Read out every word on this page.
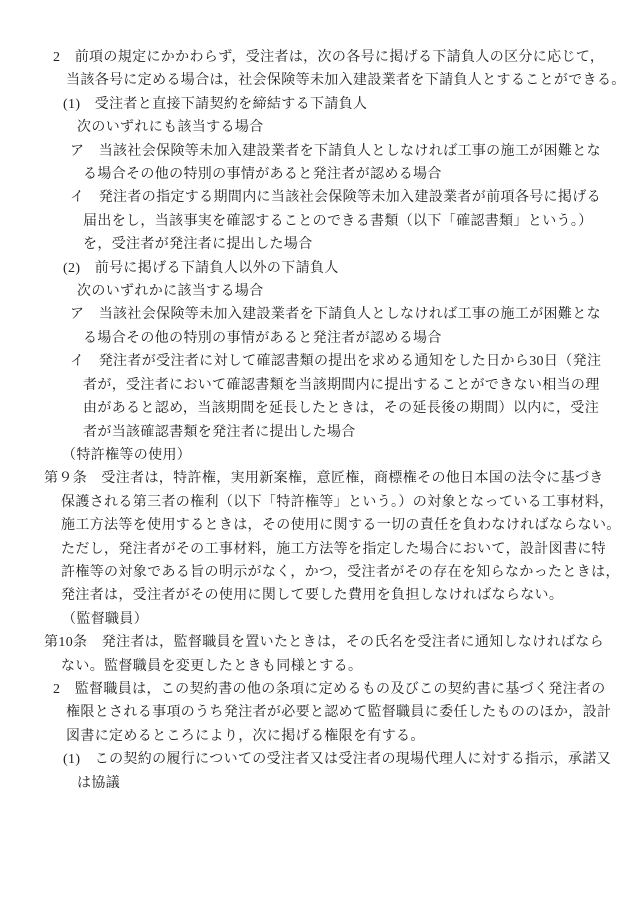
2　前項の規定にかかわらず，受注者は，次の各号に掲げる下請負人の区分に応じて，
当該各号に定める場合は，社会保険等未加入建設業者を下請負人とすることができる。
(1)　受注者と直接下請契約を締結する下請負人
次のいずれにも該当する場合
ア　当該社会保険等未加入建設業者を下請負人としなければ工事の施工が困難とな
る場合その他の特別の事情があると発注者が認める場合
イ　発注者の指定する期間内に当該社会保険等未加入建設業者が前項各号に掲げる
届出をし，当該事実を確認することのできる書類（以下「確認書類」という。）
を，受注者が発注者に提出した場合
(2)　前号に掲げる下請負人以外の下請負人
次のいずれかに該当する場合
ア　当該社会保険等未加入建設業者を下請負人としなければ工事の施工が困難とな
る場合その他の特別の事情があると発注者が認める場合
イ　発注者が受注者に対して確認書類の提出を求める通知をした日から30日（発注
者が，受注者において確認書類を当該期間内に提出することができない相当の理
由があると認め，当該期間を延長したときは，その延長後の期間）以内に，受注
者が当該確認書類を発注者に提出した場合
（特許権等の使用）
第９条　受注者は，特許権，実用新案権，意匠権，商標権その他日本国の法令に基づき
保護される第三者の権利（以下「特許権等」という。）の対象となっている工事材料，
施工方法等を使用するときは，その使用に関する一切の責任を負わなければならない。
ただし，発注者がその工事材料，施工方法等を指定した場合において，設計図書に特
許権等の対象である旨の明示がなく，かつ，受注者がその存在を知らなかったときは，
発注者は，受注者がその使用に関して要した費用を負担しなければならない。
（監督職員）
第10条　発注者は，監督職員を置いたときは，その氏名を受注者に通知しなければなら
ない。監督職員を変更したときも同様とする。
2　監督職員は，この契約書の他の条項に定めるもの及びこの契約書に基づく発注者の
権限とされる事項のうち発注者が必要と認めて監督職員に委任したもののほか，設計
図書に定めるところにより，次に掲げる権限を有する。
(1)　この契約の履行についての受注者又は受注者の現場代理人に対する指示，承諾又
は協議
